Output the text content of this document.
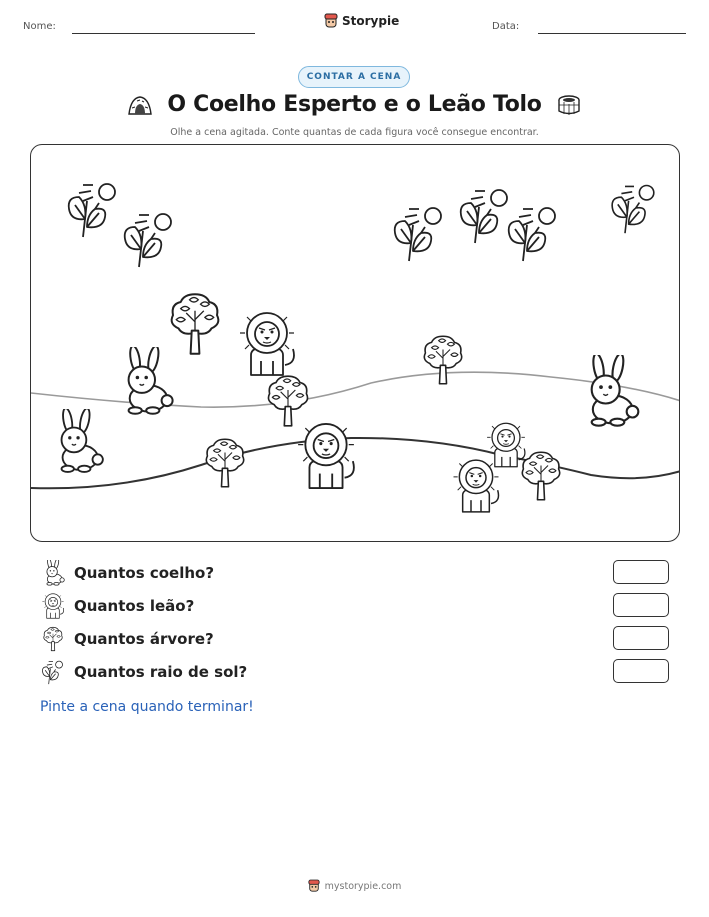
Nome:	Storypie	Data:
CONTAR A CENA
O Coelho Esperto e o Leão Tolo
Olhe a cena agitada. Conte quantas de cada figura você consegue encontrar.
Quantos coelho?
Quantos leão?
Quantos árvore?
Quantos raio de sol?
Pinte a cena quando terminar!
mystorypie.com
